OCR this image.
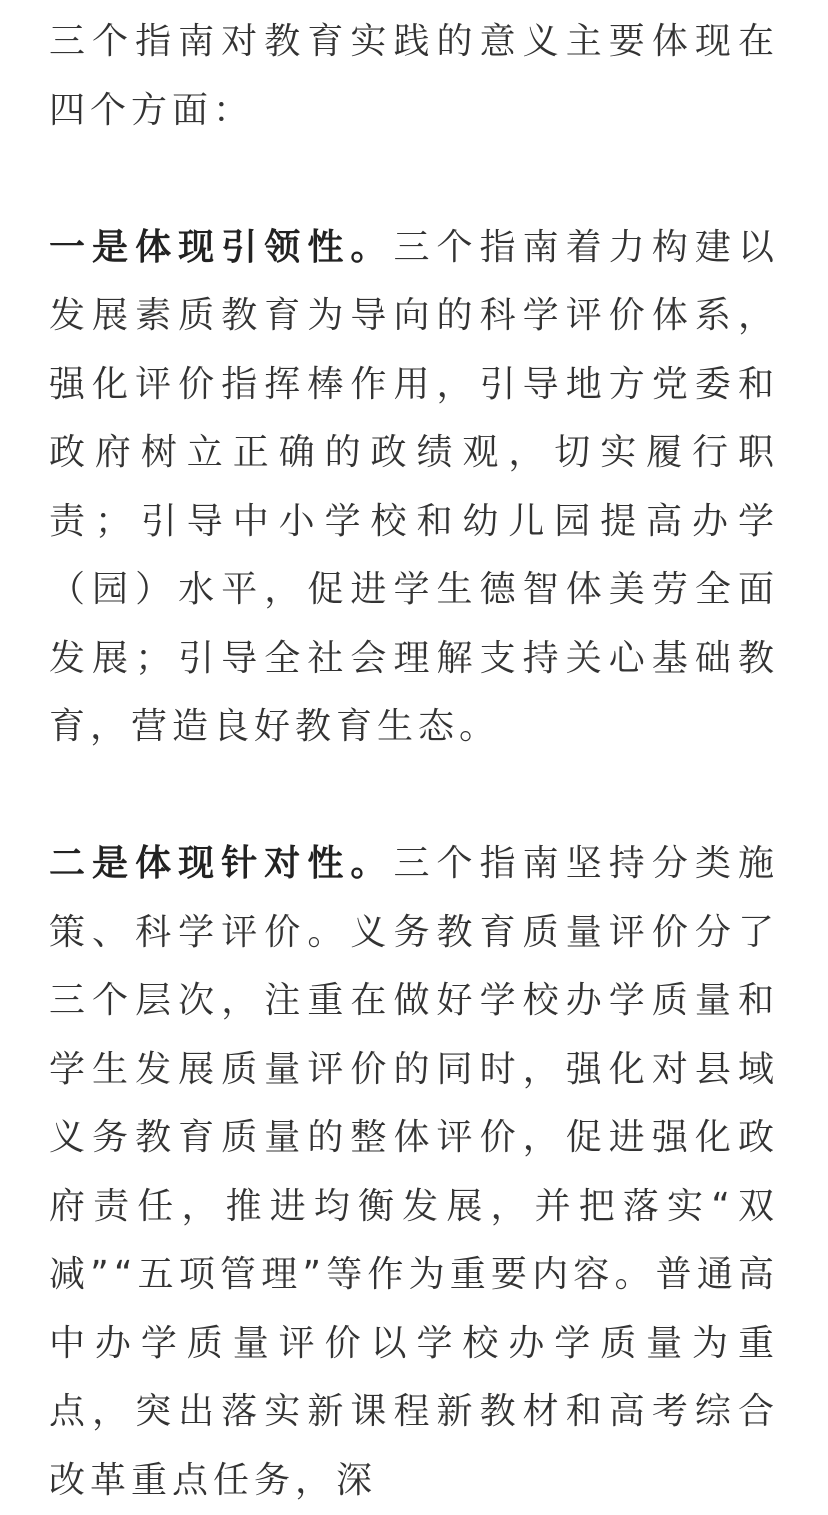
三个指南对教育实践的意义主要体现在四个方面：

一是体现引领性。三个指南着力构建以发展素质教育为导向的科学评价体系，强化评价指挥棒作用，引导地方党委和政府树立正确的政绩观，切实履行职责；引导中小学校和幼儿园提高办学（园）水平，促进学生德智体美劳全面发展；引导全社会理解支持关心基础教育，营造良好教育生态。

二是体现针对性。三个指南坚持分类施策、科学评价。义务教育质量评价分了三个层次，注重在做好学校办学质量和学生发展质量评价的同时，强化对县域义务教育质量的整体评价，促进强化政府责任，推进均衡发展，并把落实“双减”“五项管理”等作为重要内容。普通高中办学质量评价以学校办学质量为重点，突出落实新课程新教材和高考综合改革重点任务，深
